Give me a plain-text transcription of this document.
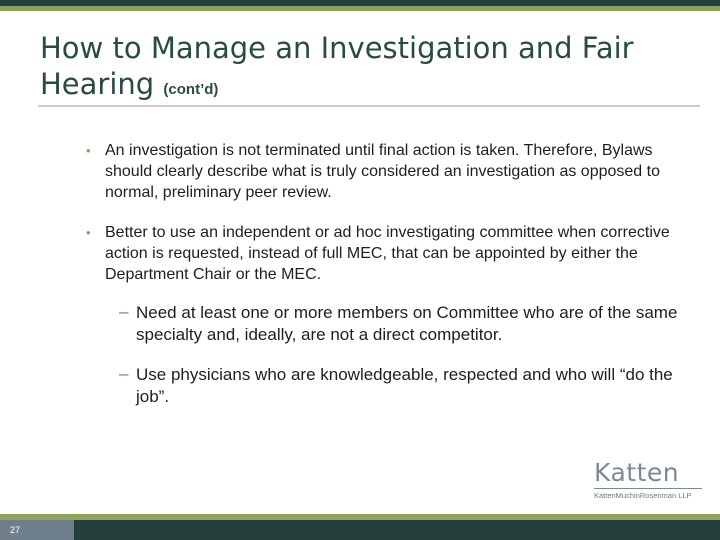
How to Manage an Investigation and Fair Hearing (cont’d)
• An investigation is not terminated until final action is taken. Therefore, Bylaws should clearly describe what is truly considered an investigation as opposed to normal, preliminary peer review.
• Better to use an independent or ad hoc investigating committee when corrective action is requested, instead of full MEC, that can be appointed by either the Department Chair or the MEC.
– Need at least one or more members on Committee who are of the same specialty and, ideally, are not a direct competitor.
– Use physicians who are knowledgeable, respected and who will “do the job”.
Katten
KattenMuchinRosenman LLP
27
